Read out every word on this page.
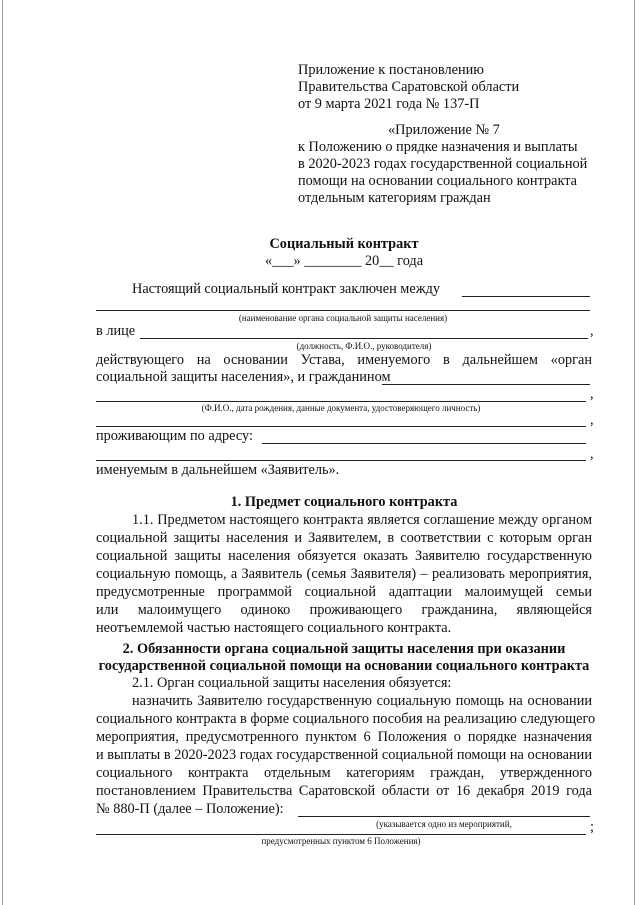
Приложение к постановлению
Правительства Саратовской области
от 9 марта 2021 года № 137-П
«Приложение № 7
к Положению о прядке назначения и выплаты
в 2020-2023 годах государственной социальной
помощи на основании социального контракта
отдельным категориям граждан
Социальный контракт
«___» ________ 20__ года
Настоящий социальный контракт заключен между
(наименование органа социальной защиты населения)
в лице	,
(должность, Ф.И.О., руководителя)
действующего на основании Устава, именуемого в дальнейшем «орган
социальной защиты населения», и гражданином
,
(Ф.И.О., дата рождения, данные документа, удостоверяющего личность)
,
проживающим по адресу:
,
именуемым в дальнейшем «Заявитель».
1. Предмет социального контракта
1.1. Предметом настоящего контракта является соглашение между органом
социальной защиты населения и Заявителем, в соответствии с которым орган
социальной защиты населения обязуется оказать Заявителю государственную
социальную помощь, а Заявитель (семья Заявителя) – реализовать мероприятия,
предусмотренные программой социальной адаптации малоимущей семьи
или малоимущего одиноко проживающего гражданина, являющейся
неотъемлемой частью настоящего социального контракта.
2. Обязанности органа социальной защиты населения при оказании
государственной социальной помощи на основании социального контракта
2.1. Орган социальной защиты населения обязуется:
назначить Заявителю государственную социальную помощь на основании
социального контракта в форме социального пособия на реализацию следующего
мероприятия, предусмотренного пунктом 6 Положения о порядке назначения
и выплаты в 2020-2023 годах государственной социальной помощи на основании
социального контракта отдельным категориям граждан, утвержденного
постановлением Правительства Саратовской области от 16 декабря 2019 года
№ 880-П (далее – Положение):
(указывается одно из мероприятий,	;
предусмотренных пунктом 6 Положения)
